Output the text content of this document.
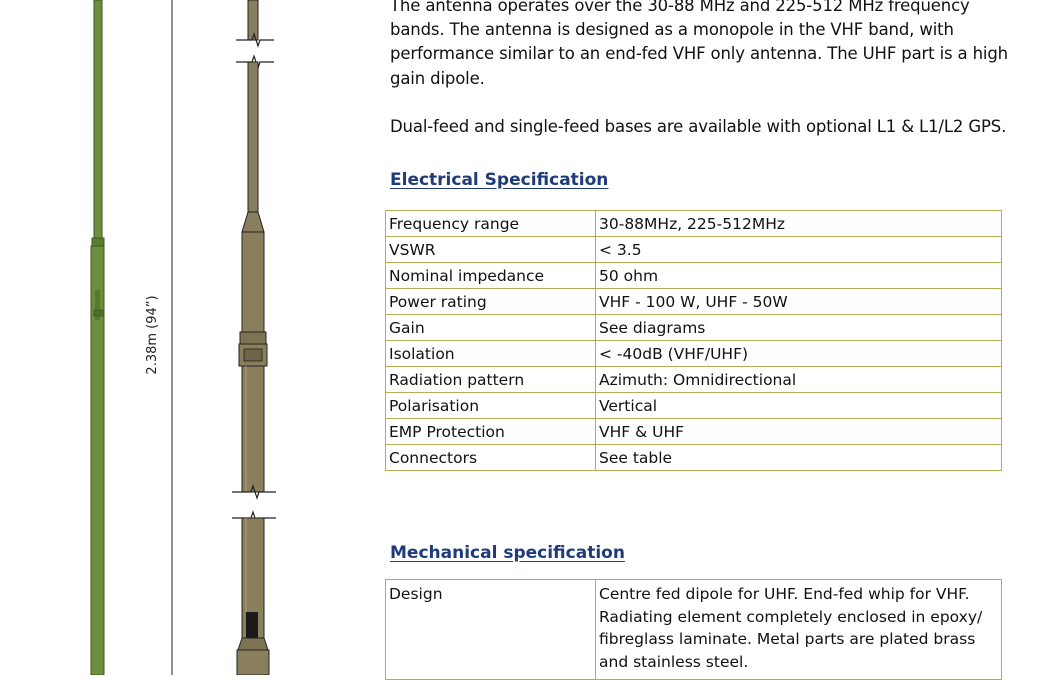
2.38m (94”)

The antenna operates over the 30-88 MHz and 225-512 MHz frequency bands. The antenna is designed as a monopole in the VHF band, with performance similar to an end-fed VHF only antenna. The UHF part is a high gain dipole.

Dual-feed and single-feed bases are available with optional L1 & L1/L2 GPS.

Electrical Specification
Frequency range	30-88MHz, 225-512MHz
VSWR	< 3.5
Nominal impedance	50 ohm
Power rating	VHF - 100 W, UHF - 50W
Gain	See diagrams
Isolation	< -40dB (VHF/UHF)
Radiation pattern	Azimuth: Omnidirectional
Polarisation	Vertical
EMP Protection	VHF & UHF
Connectors	See table
Mechanical specification
Design	Centre fed dipole for UHF. End-fed whip for VHF. Radiating element completely enclosed in epoxy/ fibreglass laminate. Metal parts are plated brass and stainless steel.
